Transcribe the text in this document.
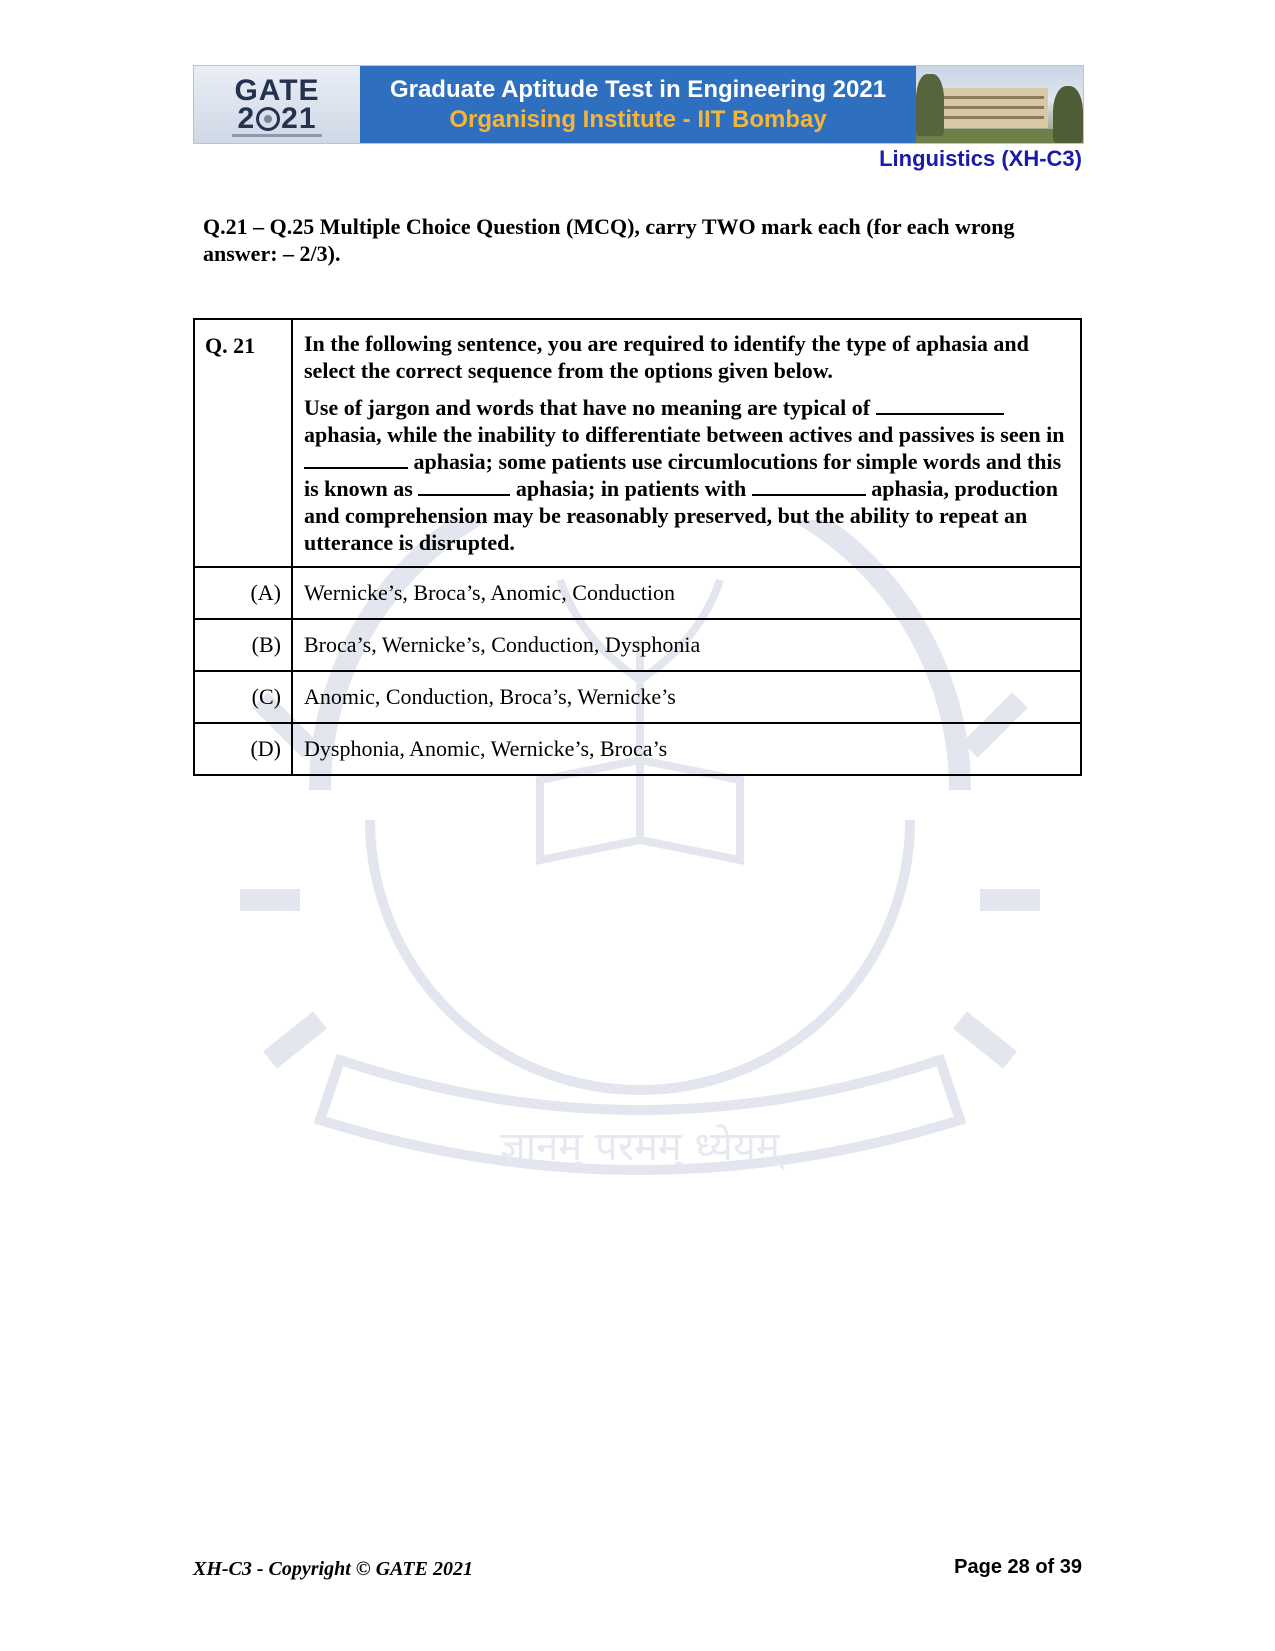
GATE
2 21
Graduate Aptitude Test in Engineering 2021
Organising Institute - IIT Bombay
Linguistics (XH-C3)
Q.21 – Q.25 Multiple Choice Question (MCQ), carry TWO mark each (for each wrong answer: – 2/3).
ज्ञानम् परमम् ध्येयम्
Q. 21	In the following sentence, you are required to identify the type of aphasia and select the correct sequence from the options given below.

Use of jargon and words that have no meaning are typical of  aphasia, while the inability to differentiate between actives and passives is seen in  aphasia; some patients use circumlocutions for simple words and this is known as aphasia; in patients with aphasia, production and comprehension may be reasonably preserved, but the ability to repeat an utterance is disrupted.

(A)	Wernicke’s, Broca’s, Anomic, Conduction
(B)	Broca’s, Wernicke’s, Conduction, Dysphonia
(C)	Anomic, Conduction, Broca’s, Wernicke’s
(D)	Dysphonia, Anomic, Wernicke’s, Broca’s
XH-C3 - Copyright © GATE 2021	Page 28 of 39
